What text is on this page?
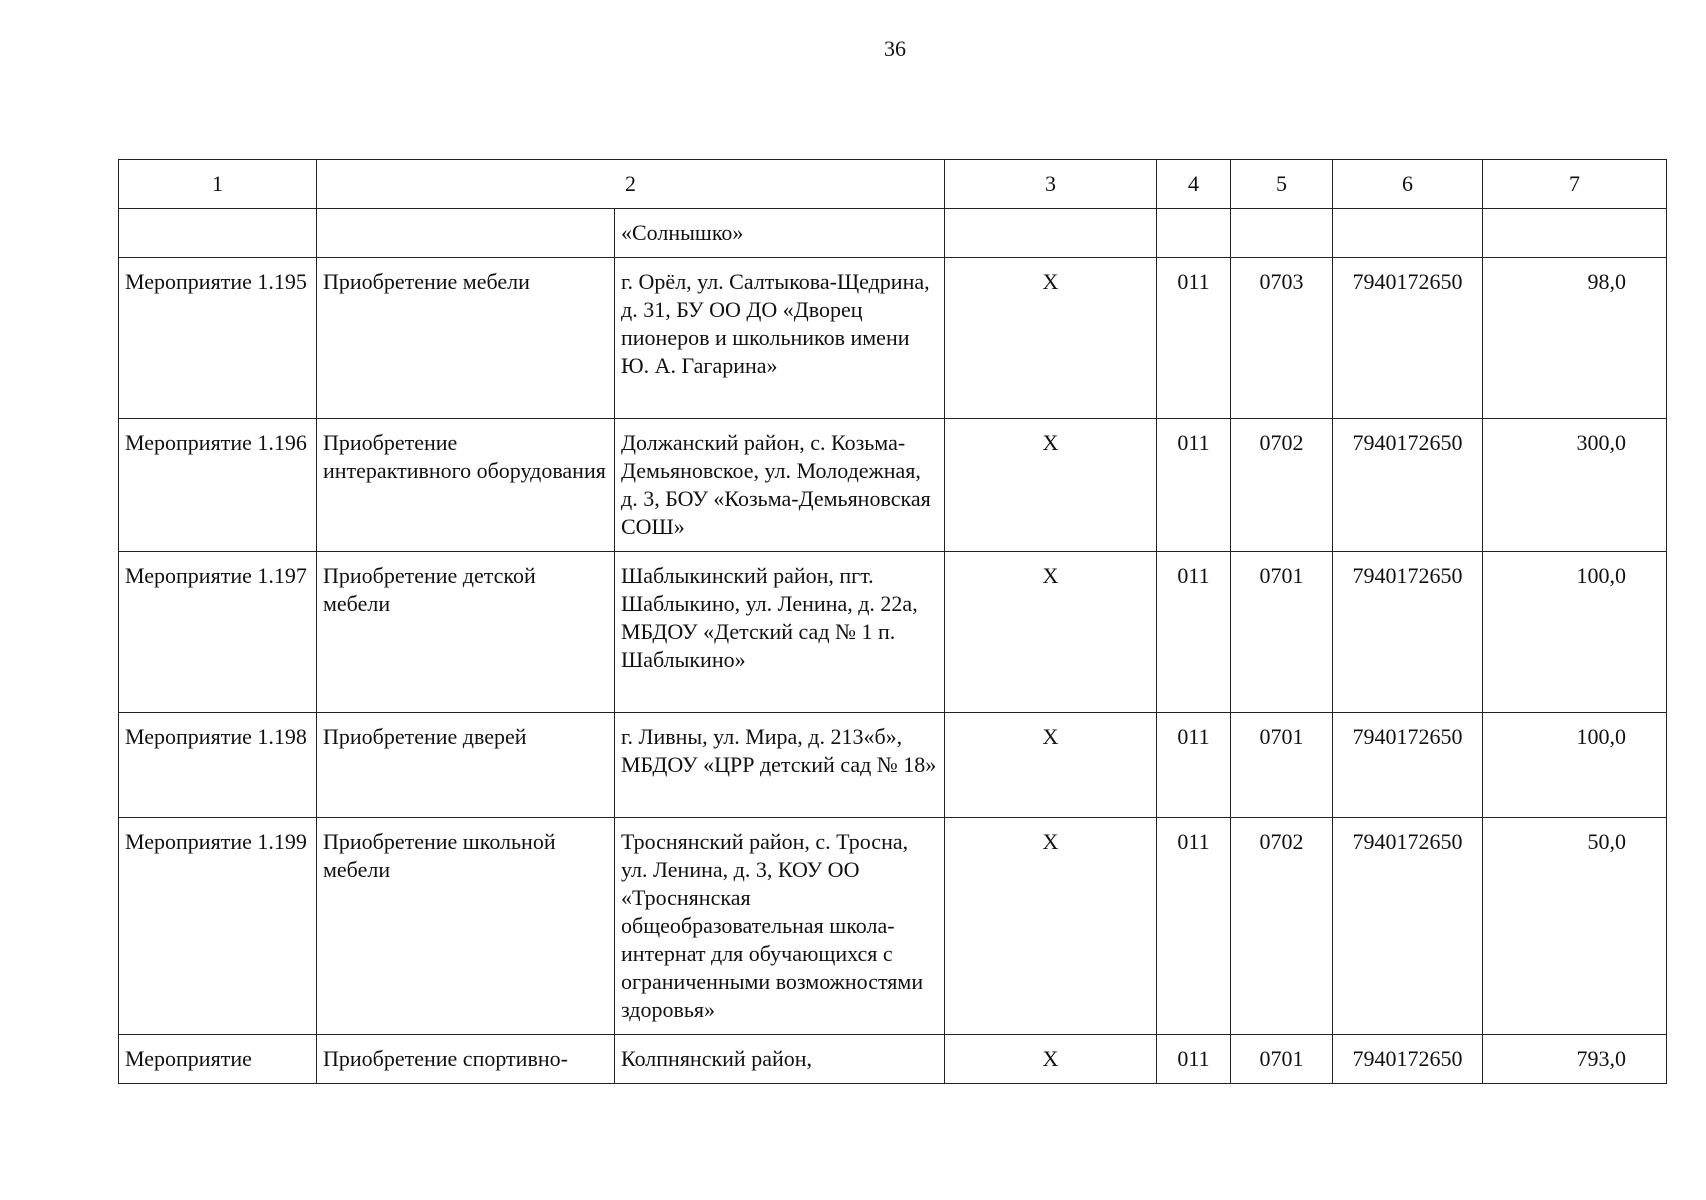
36
1	2		3	4	5	6	7
		«Солнышко»					
Мероприятие 1.195	Приобретение мебели	г. Орёл, ул. Салтыкова-Щедрина, д. 31, БУ ОО ДО «Дворец пионеров и школьников имени Ю. А. Гагарина»	X	011	0703	7940172650	98,0
Мероприятие 1.196	Приобретение интерактивного оборудования	Должанский район, с. Козьма-Демьяновское, ул. Молодежная, д. 3, БОУ «Козьма-Демьяновская СОШ»	X	011	0702	7940172650	300,0
Мероприятие 1.197	Приобретение детской мебели	Шаблыкинский район, пгт. Шаблыкино, ул. Ленина, д. 22а, МБДОУ «Детский сад № 1 п. Шаблыкино»	X	011	0701	7940172650	100,0
Мероприятие 1.198	Приобретение дверей	г. Ливны, ул. Мира, д. 213«б», МБДОУ «ЦРР детский сад № 18»	X	011	0701	7940172650	100,0
Мероприятие 1.199	Приобретение школьной мебели	Троснянский район, с. Тросна, ул. Ленина, д. 3, КОУ ОО «Троснянская общеобразовательная школа-интернат для обучающихся с ограниченными возможностями здоровья»	X	011	0702	7940172650	50,0
Мероприятие	Приобретение спортивно-	Колпнянский район,	X	011	0701	7940172650	793,0
